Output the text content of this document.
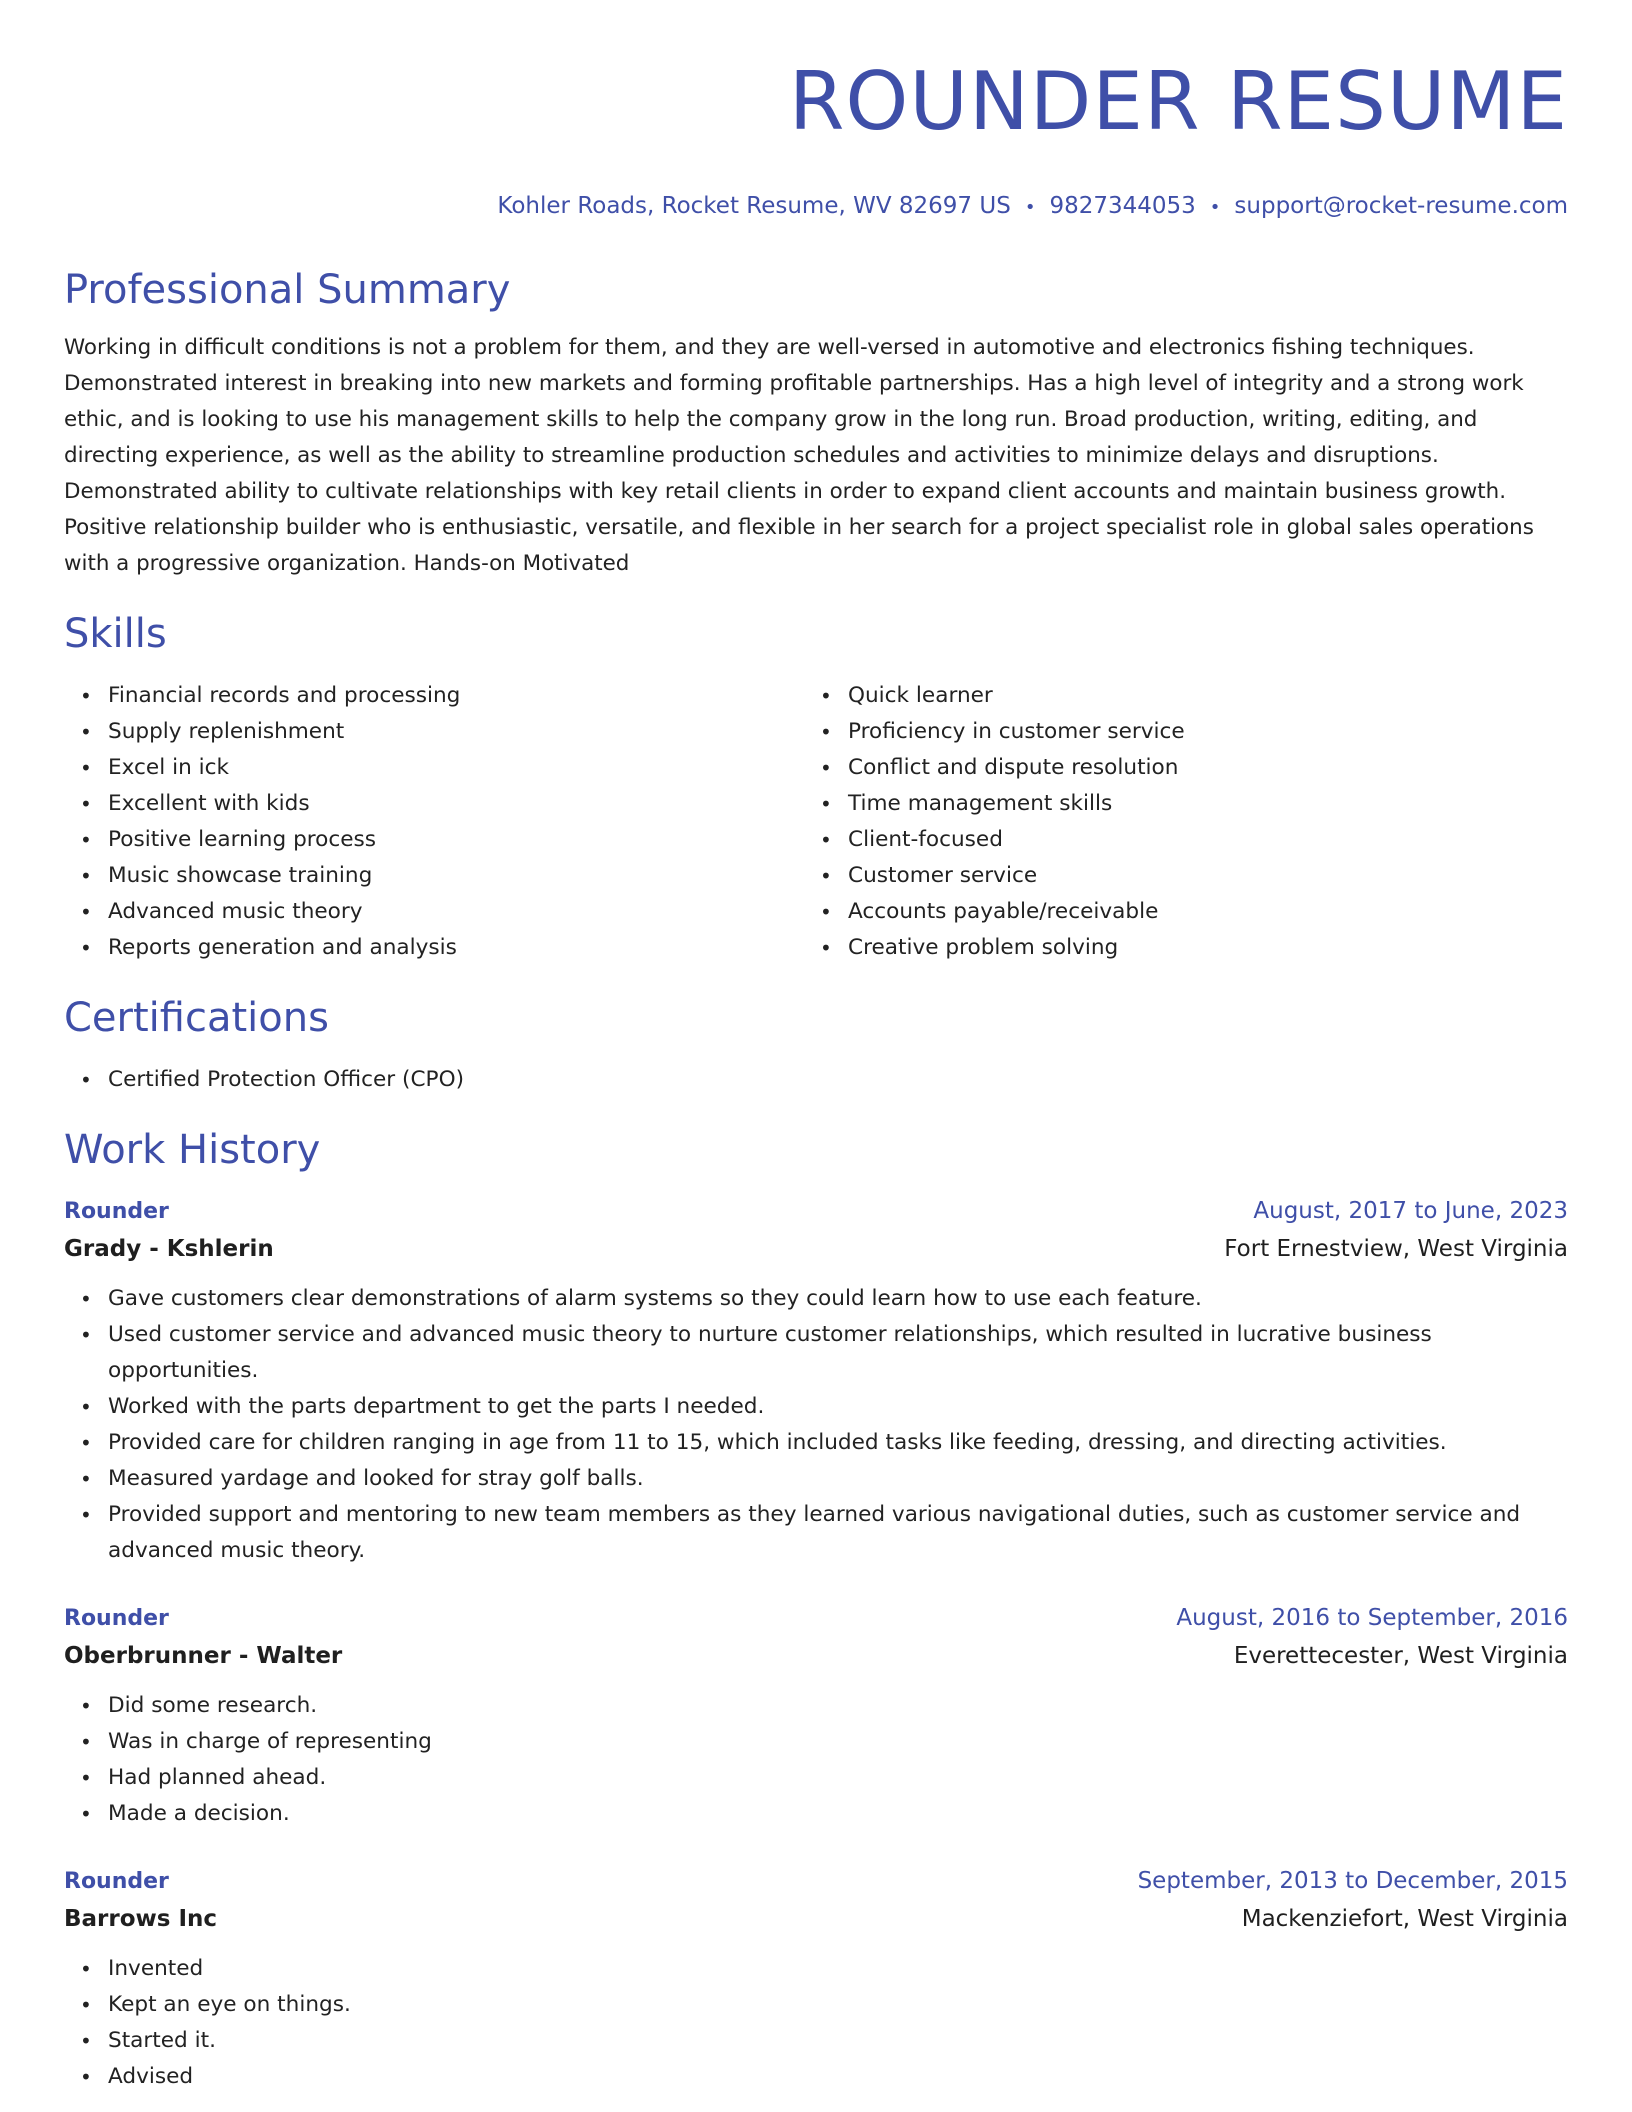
ROUNDER RESUME
Kohler Roads, Rocket Resume, WV 82697 US • 9827344053 • support@rocket-resume.com
Professional Summary

Working in difficult conditions is not a problem for them, and they are well-versed in automotive and electronics fishing techniques. Demonstrated interest in breaking into new markets and forming profitable partnerships. Has a high level of integrity and a strong work ethic, and is looking to use his management skills to help the company grow in the long run. Broad production, writing, editing, and directing experience, as well as the ability to streamline production schedules and activities to minimize delays and disruptions. Demonstrated ability to cultivate relationships with key retail clients in order to expand client accounts and maintain business growth. Positive relationship builder who is enthusiastic, versatile, and flexible in her search for a project specialist role in global sales operations with a progressive organization. Hands-on Motivated

Skills
• Financial records and processing
• Supply replenishment
• Excel in ick
• Excellent with kids
• Positive learning process
• Music showcase training
• Advanced music theory
• Reports generation and analysis
• Quick learner
• Proficiency in customer service
• Conflict and dispute resolution
• Time management skills
• Client-focused
• Customer service
• Accounts payable/receivable
• Creative problem solving
Certifications
• Certified Protection Officer (CPO)
Work History
Rounder	August, 2017 to June, 2023
Grady - Kshlerin	Fort Ernestview, West Virginia
• Gave customers clear demonstrations of alarm systems so they could learn how to use each feature.
• Used customer service and advanced music theory to nurture customer relationships, which resulted in lucrative business opportunities.
• Worked with the parts department to get the parts I needed.
• Provided care for children ranging in age from 11 to 15, which included tasks like feeding, dressing, and directing activities.
• Measured yardage and looked for stray golf balls.
• Provided support and mentoring to new team members as they learned various navigational duties, such as customer service and advanced music theory.
Rounder	August, 2016 to September, 2016
Oberbrunner - Walter	Everettecester, West Virginia
• Did some research.
• Was in charge of representing
• Had planned ahead.
• Made a decision.
Rounder	September, 2013 to December, 2015
Barrows Inc	Mackenziefort, West Virginia
• Invented
• Kept an eye on things.
• Started it.
• Advised
